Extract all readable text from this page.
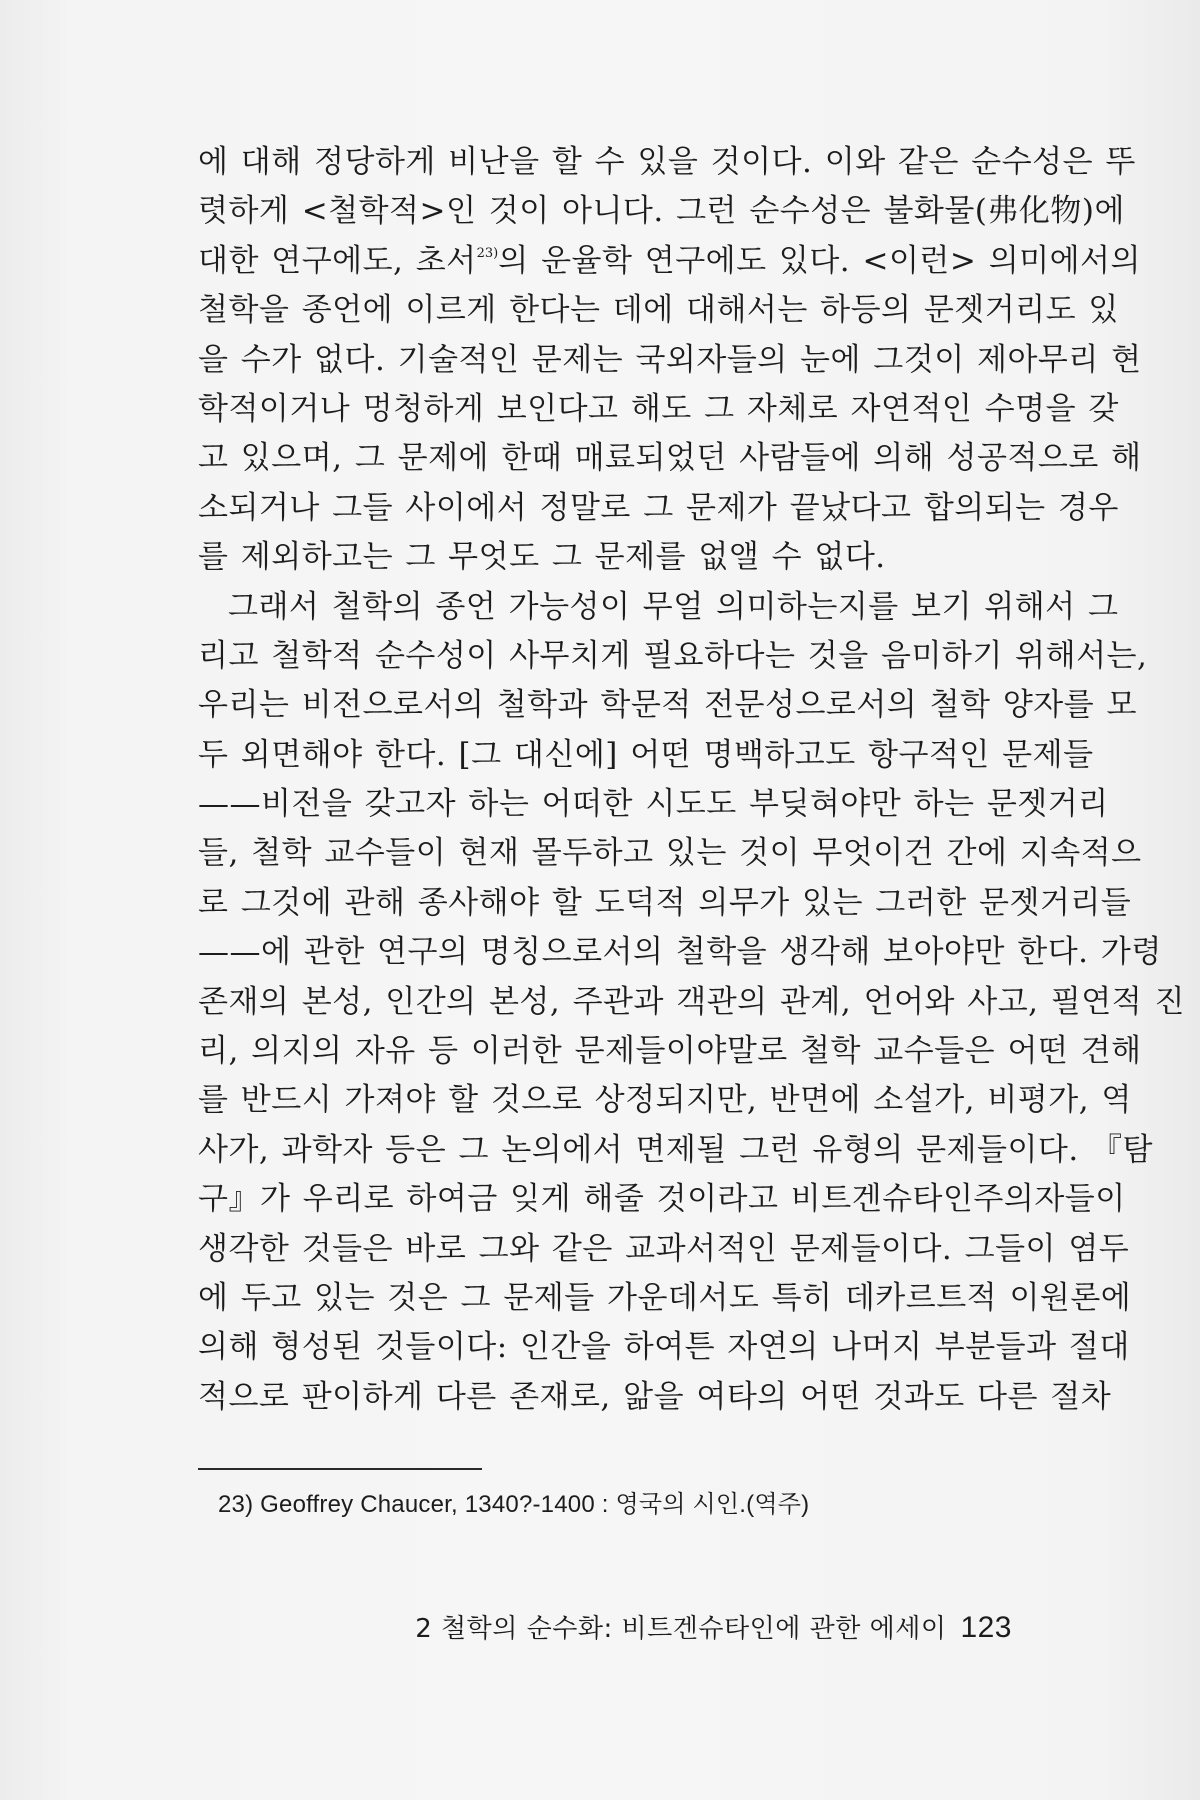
에 대해 정당하게 비난을 할 수 있을 것이다. 이와 같은 순수성은 뚜
렷하게 <철학적>인 것이 아니다. 그런 순수성은 불화물(弗化物)에
대한 연구에도, 초서$^{23)}$의 운율학 연구에도 있다. <이런> 의미에서의
철학을 종언에 이르게 한다는 데에 대해서는 하등의 문젯거리도 있
을 수가 없다. 기술적인 문제는 국외자들의 눈에 그것이 제아무리 현
학적이거나 멍청하게 보인다고 해도 그 자체로 자연적인 수명을 갖
고 있으며, 그 문제에 한때 매료되었던 사람들에 의해 성공적으로 해
소되거나 그들 사이에서 정말로 그 문제가 끝났다고 합의되는 경우
를 제외하고는 그 무엇도 그 문제를 없앨 수 없다.
그래서 철학의 종언 가능성이 무얼 의미하는지를 보기 위해서 그
리고 철학적 순수성이 사무치게 필요하다는 것을 음미하기 위해서는,
우리는 비전으로서의 철학과 학문적 전문성으로서의 철학 양자를 모
두 외면해야 한다. [그 대신에] 어떤 명백하고도 항구적인 문제들
——비전을 갖고자 하는 어떠한 시도도 부딪혀야만 하는 문젯거리
들, 철학 교수들이 현재 몰두하고 있는 것이 무엇이건 간에 지속적으
로 그것에 관해 종사해야 할 도덕적 의무가 있는 그러한 문젯거리들
——에 관한 연구의 명칭으로서의 철학을 생각해 보아야만 한다. 가령
존재의 본성, 인간의 본성, 주관과 객관의 관계, 언어와 사고, 필연적 진
리, 의지의 자유 등 이러한 문제들이야말로 철학 교수들은 어떤 견해
를 반드시 가져야 할 것으로 상정되지만, 반면에 소설가, 비평가, 역
사가, 과학자 등은 그 논의에서 면제될 그런 유형의 문제들이다. 『탐
구』가 우리로 하여금 잊게 해줄 것이라고 비트겐슈타인주의자들이
생각한 것들은 바로 그와 같은 교과서적인 문제들이다. 그들이 염두
에 두고 있는 것은 그 문제들 가운데서도 특히 데카르트적 이원론에
의해 형성된 것들이다: 인간을 하여튼 자연의 나머지 부분들과 절대
적으로 판이하게 다른 존재로, 앎을 여타의 어떤 것과도 다른 절차
23) Geoffrey Chaucer, 1340?-1400 : 영국의 시인.(역주)
2 철학의 순수화: 비트겐슈타인에 관한 에세이 123
